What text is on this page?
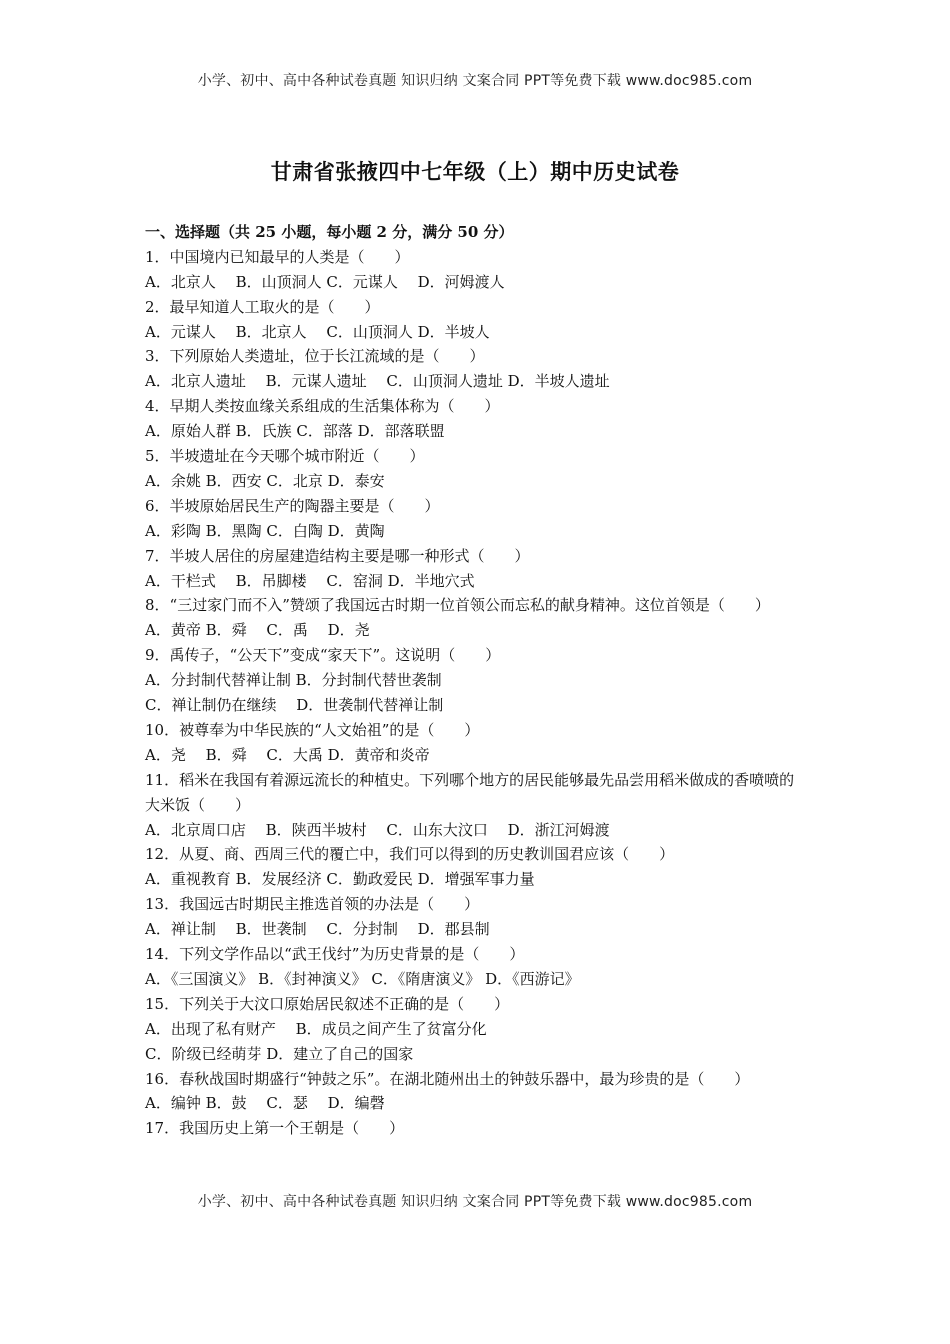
小学、初中、高中各种试卷真题 知识归纳 文案合同 PPT等免费下载 www.doc985.com
甘肃省张掖四中七年级（上）期中历史试卷
一、选择题（共 25 小题，每小题 2 分，满分 50 分）
1．中国境内已知最早的人类是（　　）
A．北京人　 B．山顶洞人 C．元谋人　 D．河姆渡人
2．最早知道人工取火的是（　　）
A．元谋人　 B．北京人　 C．山顶洞人 D．半坡人
3．下列原始人类遗址，位于长江流域的是（　　）
A．北京人遗址　 B．元谋人遗址　 C．山顶洞人遗址 D．半坡人遗址
4．早期人类按血缘关系组成的生活集体称为（　　）
A．原始人群 B．氏族 C．部落 D．部落联盟
5．半坡遗址在今天哪个城市附近（　　）
A．余姚 B．西安 C．北京 D．泰安
6．半坡原始居民生产的陶器主要是（　　）
A．彩陶 B．黑陶 C．白陶 D．黄陶
7．半坡人居住的房屋建造结构主要是哪一种形式（　　）
A．干栏式　 B．吊脚楼　 C．窑洞 D．半地穴式
8．“三过家门而不入”赞颂了我国远古时期一位首领公而忘私的献身精神。这位首领是（　　）
A．黄帝 B．舜　 C．禹　 D．尧
9．禹传子，“公天下”变成“家天下”。这说明（　　）
A．分封制代替禅让制 B．分封制代替世袭制
C．禅让制仍在继续　 D．世袭制代替禅让制
10．被尊奉为中华民族的“人文始祖”的是（　　）
A．尧　 B．舜　 C．大禹 D．黄帝和炎帝
11．稻米在我国有着源远流长的种植史。下列哪个地方的居民能够最先品尝用稻米做成的香喷喷的大米饭（　　）
A．北京周口店　 B．陕西半坡村　 C．山东大汶口　 D．浙江河姆渡
12．从夏、商、西周三代的覆亡中，我们可以得到的历史教训国君应该（　　）
A．重视教育 B．发展经济 C．勤政爱民 D．增强军事力量
13．我国远古时期民主推选首领的办法是（　　）
A．禅让制　 B．世袭制　 C．分封制　 D．郡县制
14．下列文学作品以“武王伐纣”为历史背景的是（　　）
A．《三国演义》 B．《封神演义》 C．《隋唐演义》 D．《西游记》
15．下列关于大汶口原始居民叙述不正确的是（　　）
A．出现了私有财产　 B．成员之间产生了贫富分化
C．阶级已经萌芽 D．建立了自己的国家
16．春秋战国时期盛行“钟鼓之乐”。在湖北随州出土的钟鼓乐器中，最为珍贵的是（　　）
A．编钟 B．鼓　 C．瑟　 D．编磬
17．我国历史上第一个王朝是（　　）
小学、初中、高中各种试卷真题 知识归纳 文案合同 PPT等免费下载 www.doc985.com
